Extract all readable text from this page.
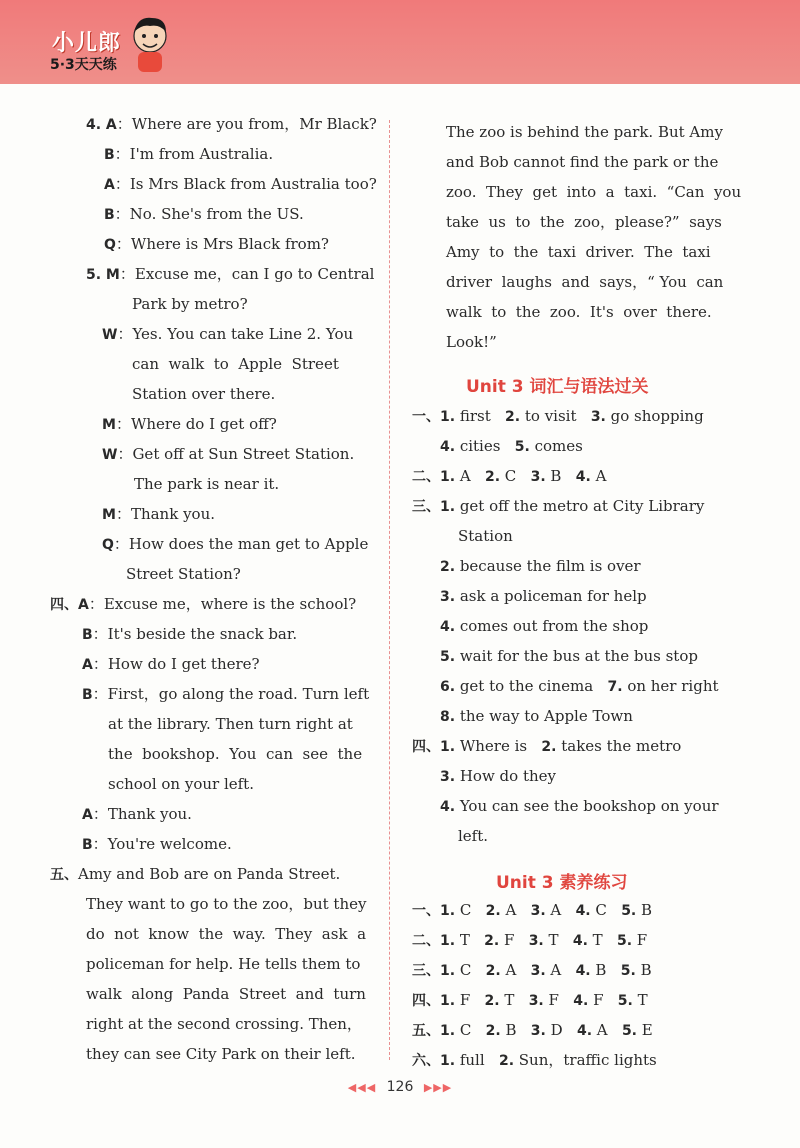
小儿郎
5·3天天练
4. A：Where are you from，Mr Black?
B：I'm from Australia.
A：Is Mrs Black from Australia too?
B：No. She's from the US.
Q：Where is Mrs Black from?
5. M：Excuse me，can I go to Central
Park by metro?
W：Yes. You can take Line 2. You
can  walk  to  Apple  Street
Station over there.
M：Where do I get off?
W：Get off at Sun Street Station.
The park is near it.
M：Thank you.
Q：How does the man get to Apple
Street Station?
四、A：Excuse me，where is the school?
B：It's beside the snack bar.
A：How do I get there?
B：First，go along the road. Turn left
at the library. Then turn right at
the  bookshop.  You  can  see  the
school on your left.
A：Thank you.
B：You're welcome.
五、Amy and Bob are on Panda Street.
They want to go to the zoo，but they
do  not  know  the  way.  They  ask  a
policeman for help. He tells them to
walk  along  Panda  Street  and  turn
right at the second crossing. Then，
they can see City Park on their left.
The zoo is behind the park. But Amy
and Bob cannot find the park or the
zoo.  They  get  into  a  taxi.  “Can  you
take  us  to  the  zoo，please?”  says
Amy  to  the  taxi  driver.  The  taxi
driver  laughs  and  says，“ You  can
walk  to  the  zoo.  It's  over  there.
Look!”
Unit 3 词汇与语法过关
一、1. first   2. to visit   3. go shopping
4. cities   5. comes
二、1. A   2. C   3. B   4. A
三、1. get off the metro at City Library
Station
2. because the film is over
3. ask a policeman for help
4. comes out from the shop
5. wait for the bus at the bus stop
6. get to the cinema   7. on her right
8. the way to Apple Town
四、1. Where is   2. takes the metro
3. How do they
4. You can see the bookshop on your
left.
Unit 3 素养练习
一、1. C   2. A   3. A   4. C   5. B
二、1. T   2. F   3. T   4. T   5. F
三、1. C   2. A   3. A   4. B   5. B
四、1. F   2. T   3. F   4. F   5. T
五、1. C   2. B   3. D   4. A   5. E
六、1. full   2. Sun，traffic lights
◀◀◀ 126 ▶▶▶
